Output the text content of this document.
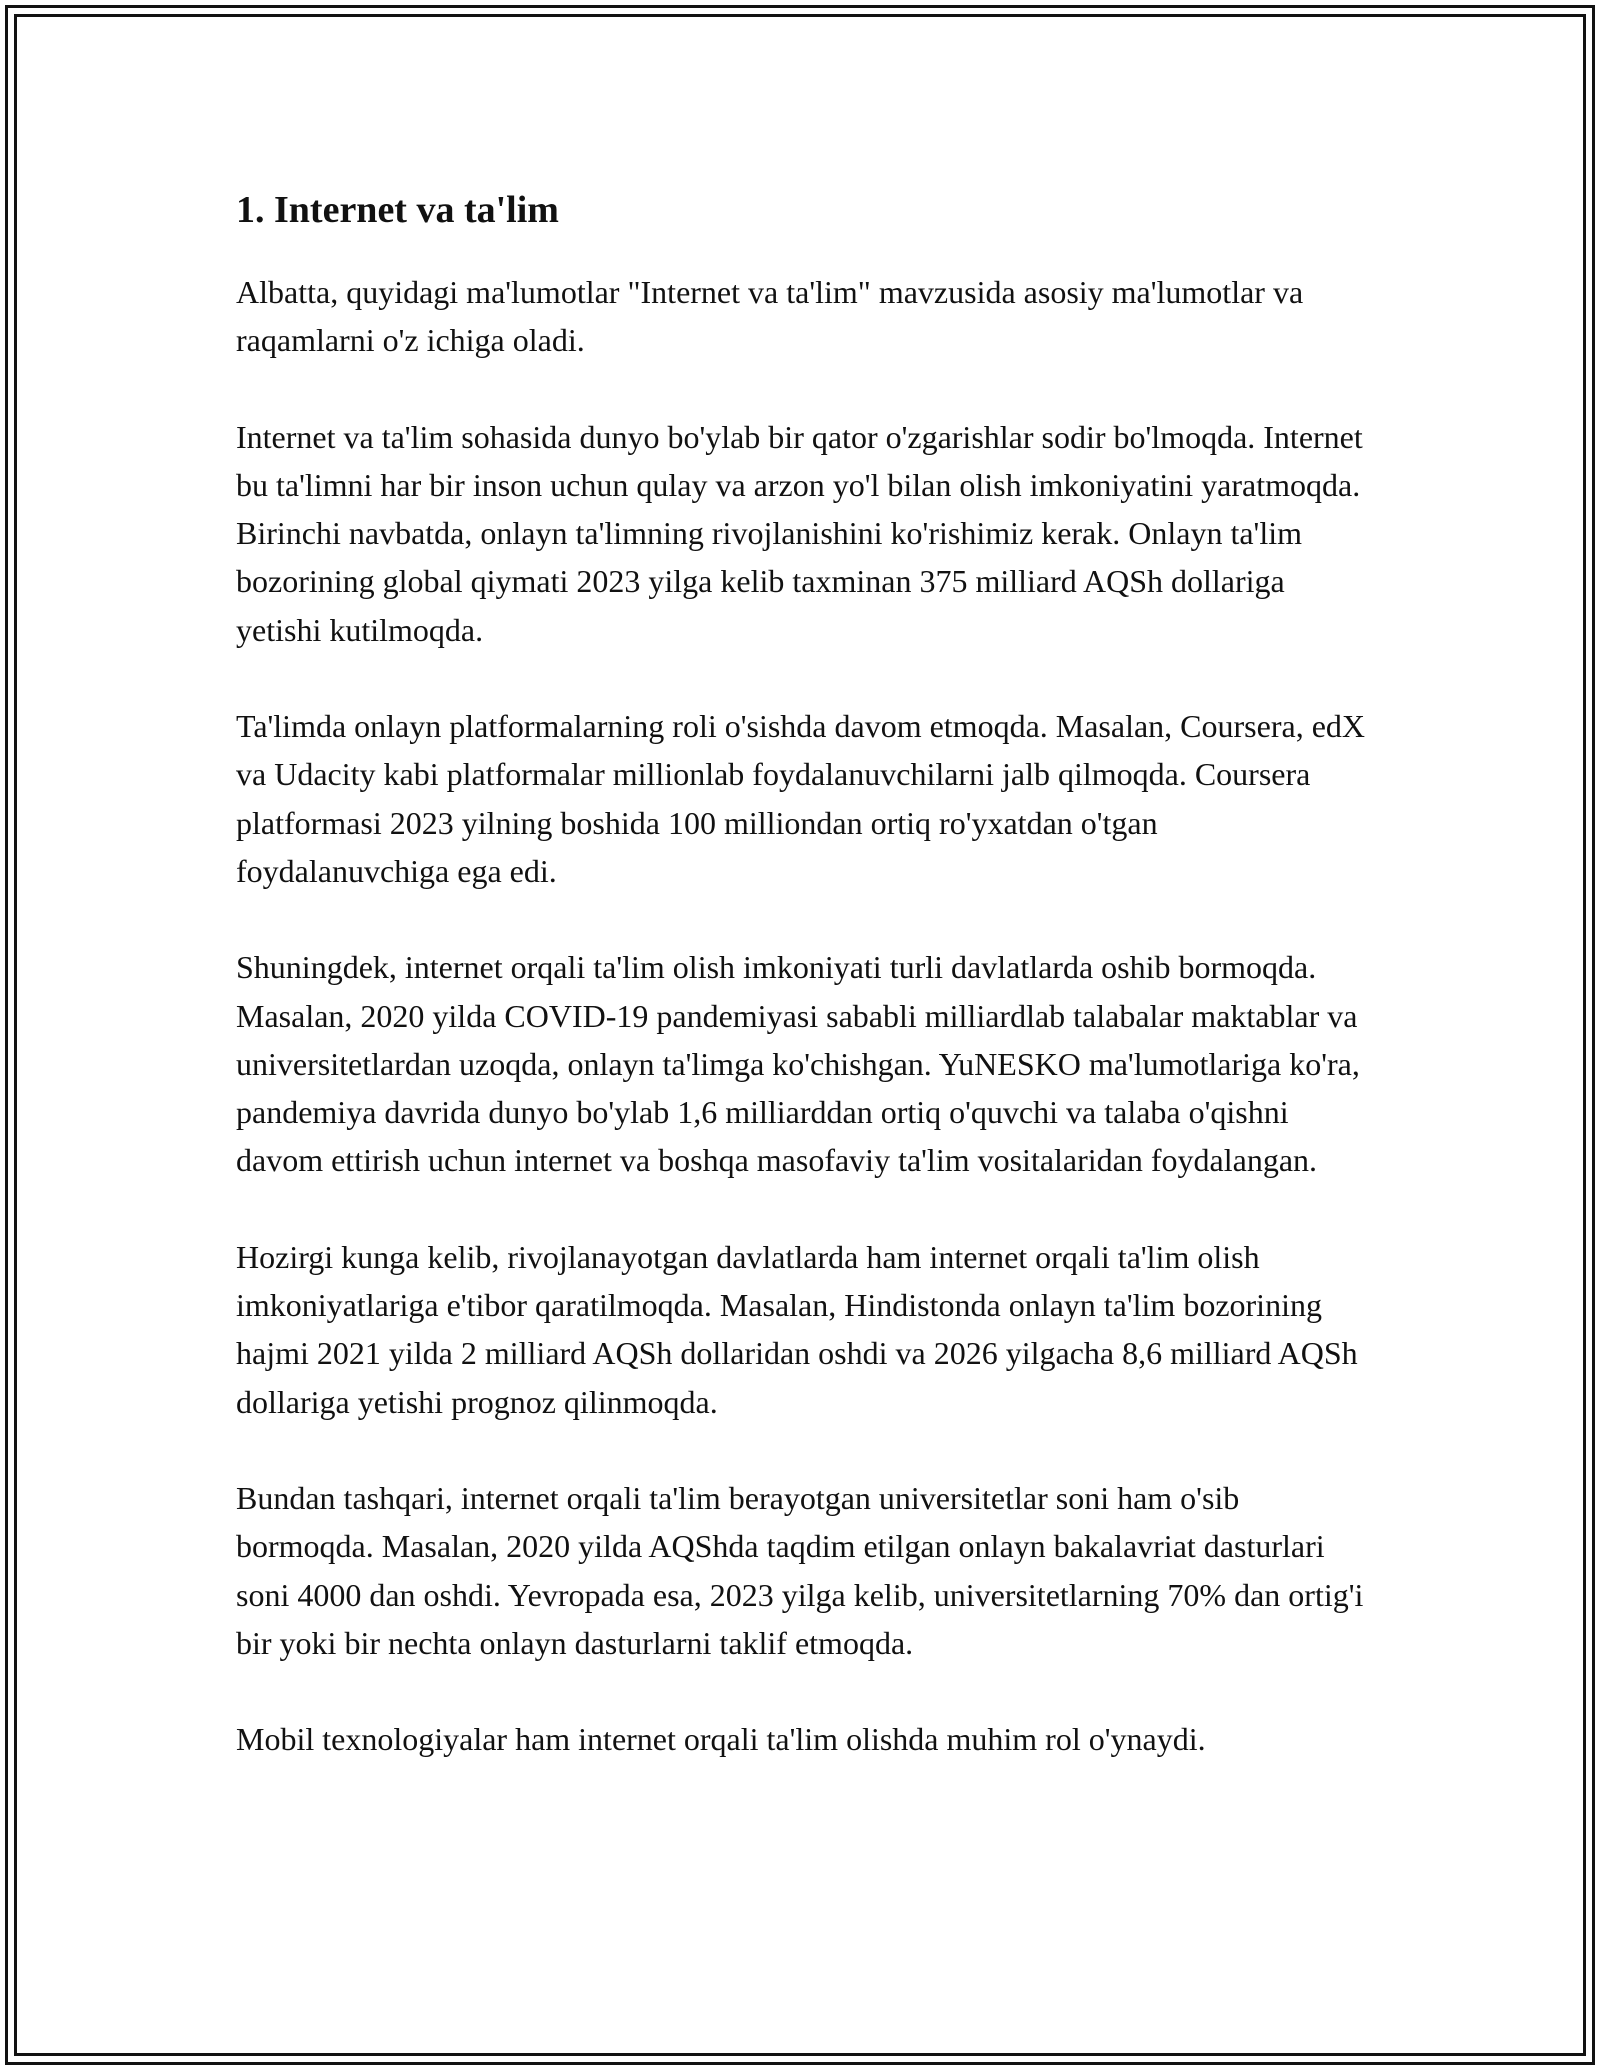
1. Internet va ta'lim

Albatta, quyidagi ma'lumotlar "Internet va ta'lim" mavzusida asosiy ma'lumotlar va raqamlarni o'z ichiga oladi.

Internet va ta'lim sohasida dunyo bo'ylab bir qator o'zgarishlar sodir bo'lmoqda. Internet bu ta'limni har bir inson uchun qulay va arzon yo'l bilan olish imkoniyatini yaratmoqda. Birinchi navbatda, onlayn ta'limning rivojlanishini ko'rishimiz kerak. Onlayn ta'lim bozorining global qiymati 2023 yilga kelib taxminan 375 milliard AQSh dollariga yetishi kutilmoqda.

Ta'limda onlayn platformalarning roli o'sishda davom etmoqda. Masalan, Coursera, edX va Udacity kabi platformalar millionlab foydalanuvchilarni jalb qilmoqda. Coursera platformasi 2023 yilning boshida 100 milliondan ortiq ro'yxatdan o'tgan foydalanuvchiga ega edi.

Shuningdek, internet orqali ta'lim olish imkoniyati turli davlatlarda oshib bormoqda. Masalan, 2020 yilda COVID-19 pandemiyasi sababli milliardlab talabalar maktablar va universitetlardan uzoqda, onlayn ta'limga ko'chishgan. YuNESKO ma'lumotlariga ko'ra, pandemiya davrida dunyo bo'ylab 1,6 milliarddan ortiq o'quvchi va talaba o'qishni davom ettirish uchun internet va boshqa masofaviy ta'lim vositalaridan foydalangan.

Hozirgi kunga kelib, rivojlanayotgan davlatlarda ham internet orqali ta'lim olish imkoniyatlariga e'tibor qaratilmoqda. Masalan, Hindistonda onlayn ta'lim bozorining hajmi 2021 yilda 2 milliard AQSh dollaridan oshdi va 2026 yilgacha 8,6 milliard AQSh dollariga yetishi prognoz qilinmoqda.

Bundan tashqari, internet orqali ta'lim berayotgan universitetlar soni ham o'sib bormoqda. Masalan, 2020 yilda AQShda taqdim etilgan onlayn bakalavriat dasturlari soni 4000 dan oshdi. Yevropada esa, 2023 yilga kelib, universitetlarning 70% dan ortig'i bir yoki bir nechta onlayn dasturlarni taklif etmoqda.

Mobil texnologiyalar ham internet orqali ta'lim olishda muhim rol o'ynaydi.
